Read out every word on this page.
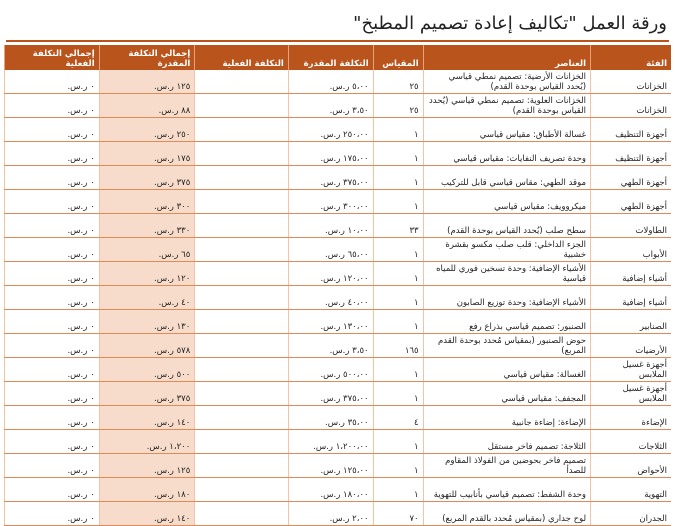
ورقة العمل "تكاليف إعادة تصميم المطبخ"
الفئة	العناصر	المقياس	التكلفة المقدرة	التكلفة الفعلية	إجمالي التكلفة المقدرة	إجمالي التكلفة الفعلية
الخزانات	الخزانات الأرضية: تصميم نمطي قياسي (يُحدد القياس بوحدة القدم)	٢٥	٥،٠٠ ر.س.		١٢٥ ر.س.	٠ ر.س.
الخزانات	الخزانات العلوية: تصميم نمطي قياسي (يُحدد القياس بوحدة القدم)	٢٥	٣،٥٠ ر.س.		٨٨ ر.س.	٠ ر.س.
أجهزة التنظيف	غسالة الأطباق: مقياس قياسي	١	٢٥٠،٠٠ ر.س.		٢٥٠ ر.س.	٠ ر.س.
أجهزة التنظيف	وحدة تصريف النفايات: مقياس قياسي	١	١٧٥،٠٠ ر.س.		١٧٥ ر.س.	٠ ر.س.
أجهزة الطهي	موقد الطهي: مقاس قياسي قابل للتركيب	١	٣٧٥،٠٠ ر.س.		٣٧٥ ر.س.	٠ ر.س.
أجهزة الطهي	ميكروويف: مقياس قياسي	١	٣٠٠،٠٠ ر.س.		٣٠٠ ر.س.	٠ ر.س.
الطاولات	سطح صلب (يُحدد القياس بوحدة القدم)	٣٣	١٠،٠٠ ر.س.		٣٣٠ ر.س.	٠ ر.س.
الأبواب	الجزء الداخلي: قلب صلب مكسو بقشرة خشبية	١	٦٥،٠٠ ر.س.		٦٥ ر.س.	٠ ر.س.
أشياء إضافية	الأشياء الإضافية: وحدة تسخين فوري للمياه قياسية	١	١٢٠،٠٠ ر.س.		١٢٠ ر.س.	٠ ر.س.
أشياء إضافية	الأشياء الإضافية: وحدة توزيع الصابون	١	٤٠،٠٠ ر.س.		٤٠ ر.س.	٠ ر.س.
الصنابير	الصنبور: تصميم قياسي بذراع رفع	١	١٣٠،٠٠ ر.س.		١٣٠ ر.س.	٠ ر.س.
الأرضيات	حوض الصنبور (بمقياس مُحدد بوحدة القدم المربع)	١٦٥	٣،٥٠ ر.س.		٥٧٨ ر.س.	٠ ر.س.
أجهزة غسيل الملابس	الغسالة: مقياس قياسي	١	٥٠٠،٠٠ ر.س.		٥٠٠ ر.س.	٠ ر.س.
أجهزة غسيل الملابس	المجفف: مقياس قياسي	١	٣٧٥،٠٠ ر.س.		٣٧٥ ر.س.	٠ ر.س.
الإضاءة	الإضاءة: إضاءة جانبية	٤	٣٥،٠٠ ر.س.		١٤٠ ر.س.	٠ ر.س.
الثلاجات	الثلاجة: تصميم فاخر مستقل	١	١،٢٠٠،٠٠ ر.س.		١،٢٠٠ ر.س.	٠ ر.س.
الأحواض	تصميم فاخر بحوضين من الفولاذ المقاوم للصدأ	١	١٢٥،٠٠ ر.س.		١٢٥ ر.س.	٠ ر.س.
التهوية	وحدة الشفط: تصميم قياسي بأنابيب للتهوية	١	١٨٠،٠٠ ر.س.		١٨٠ ر.س.	٠ ر.س.
الجدران	لوح جداري (بمقياس مُحدد بالقدم المربع)	٧٠	٢،٠٠ ر.س.		١٤٠ ر.س.	٠ ر.س.
